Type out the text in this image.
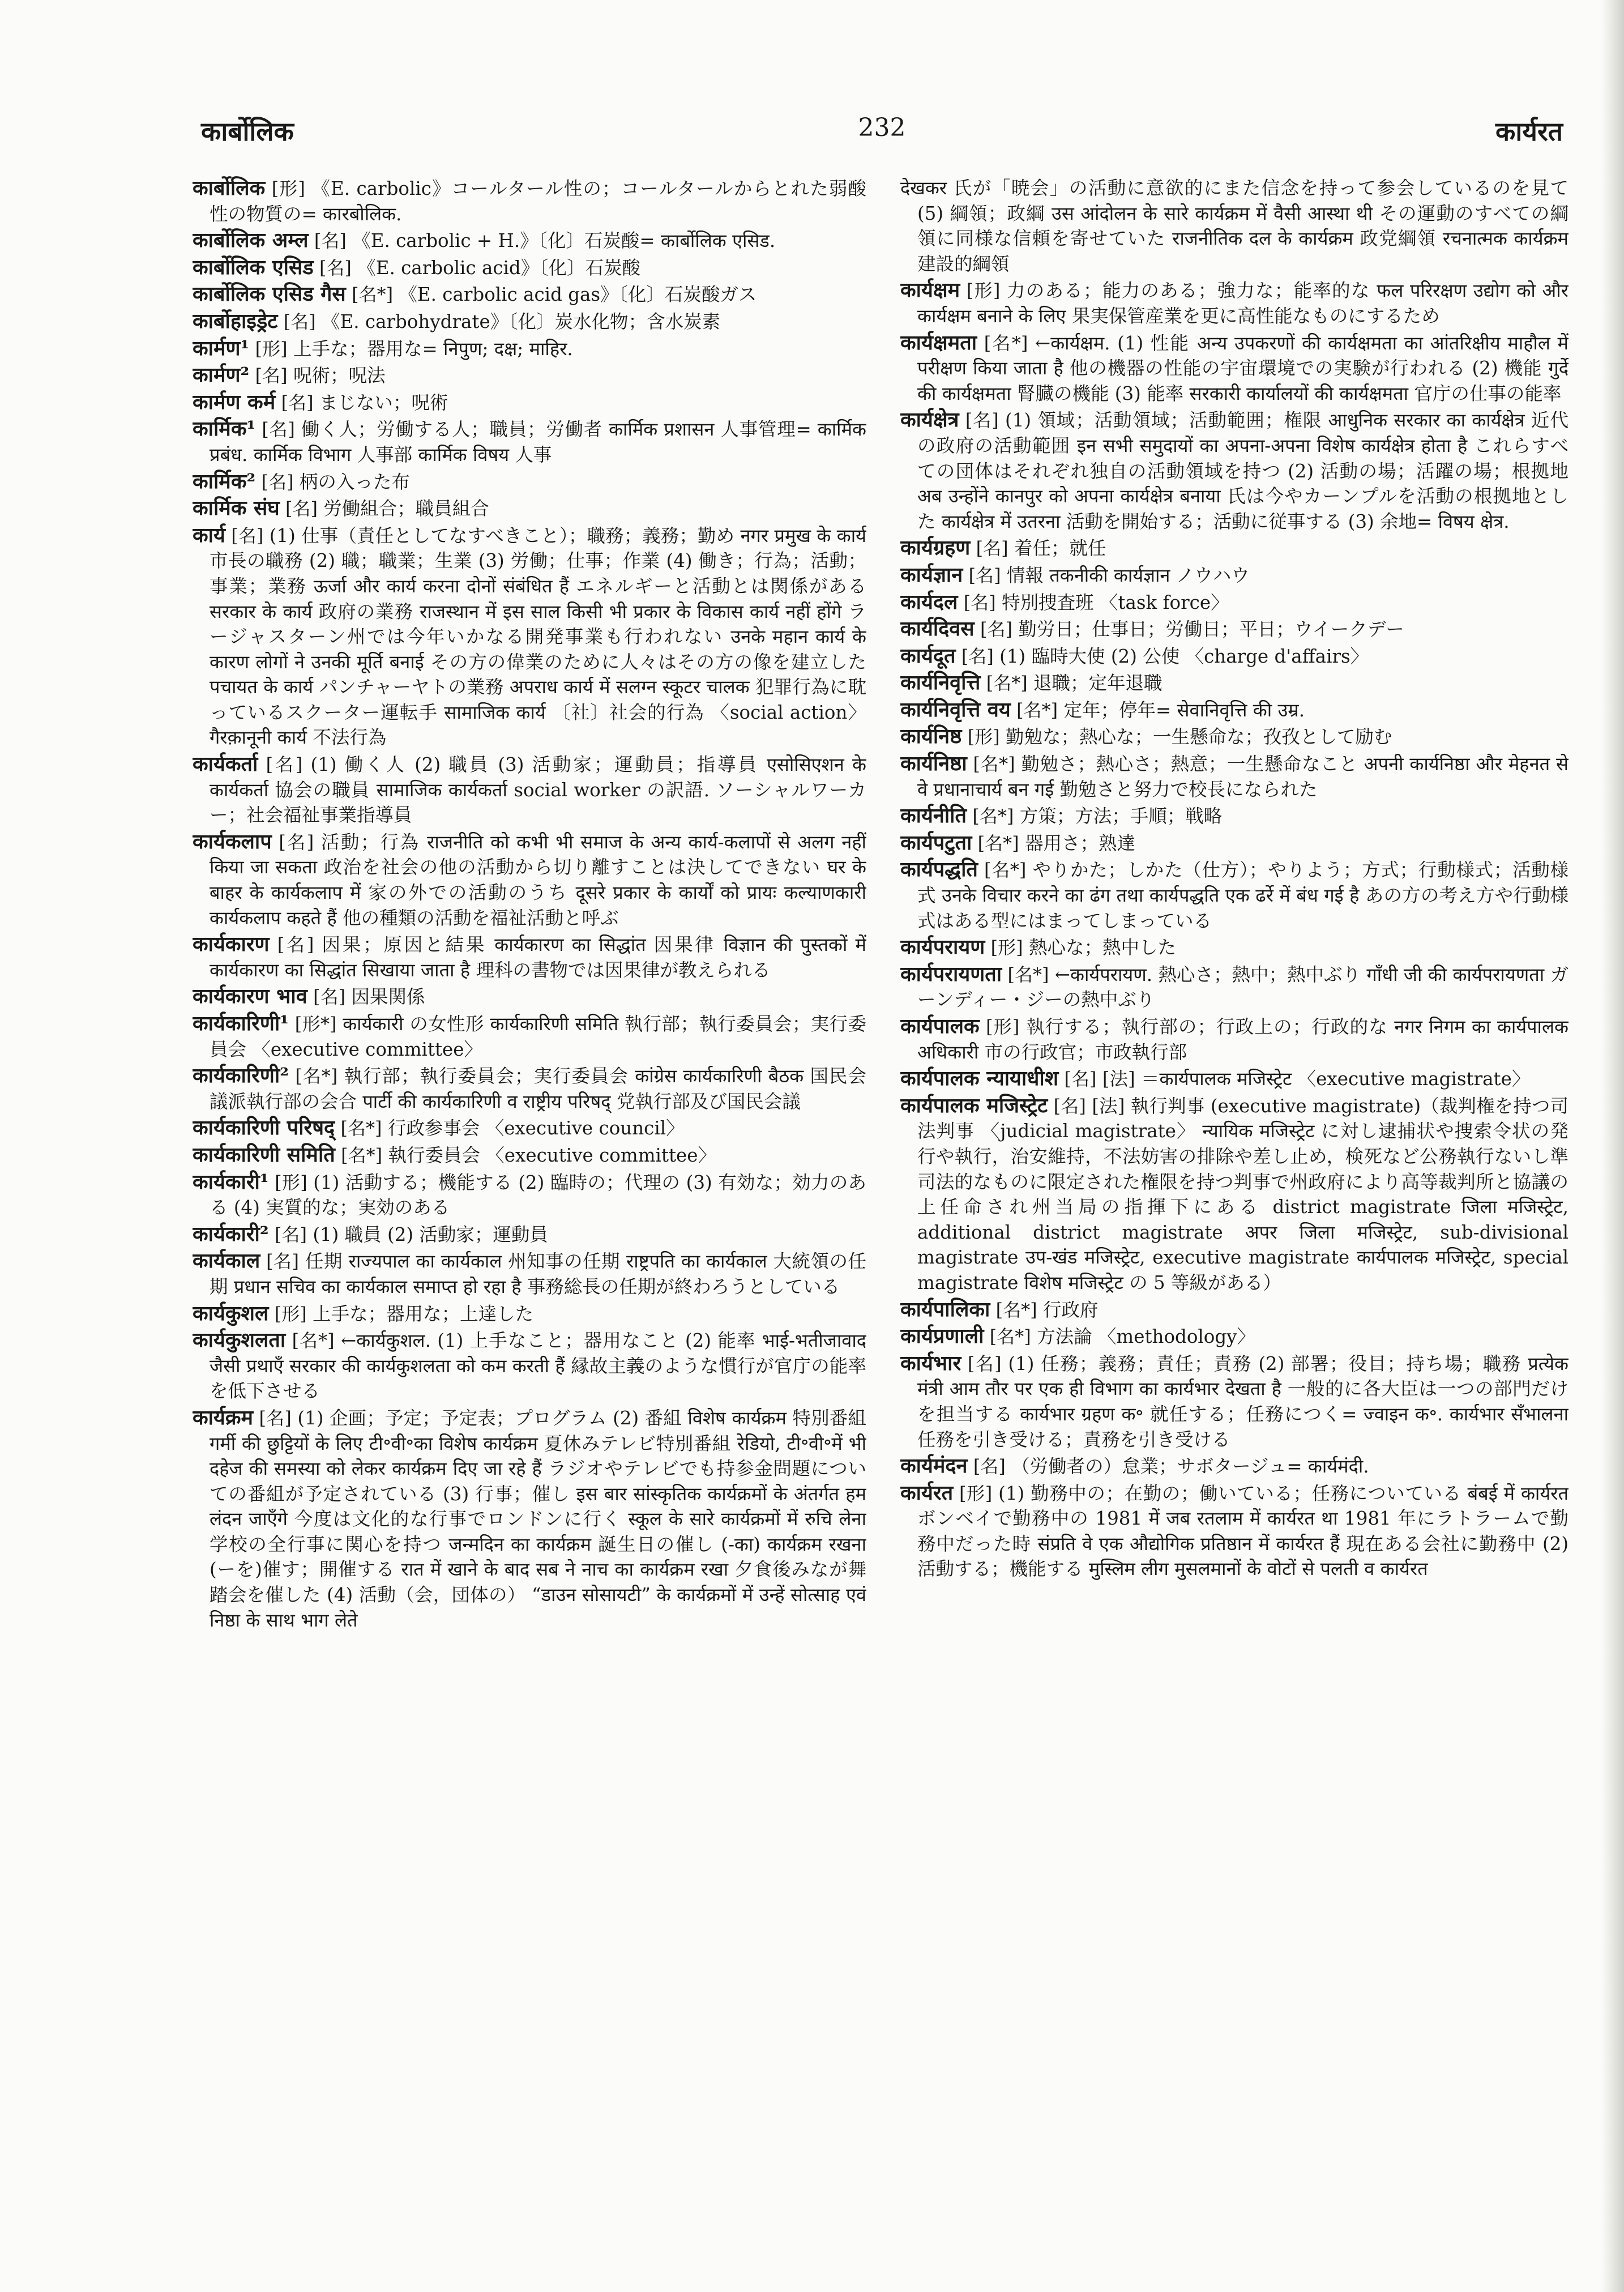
कार्बोलिक	232	कार्यरत

कार्बोलिक [形] 《E. carbolic》コールタール性の；コールタールからとれた弱酸性の物質の= कारबोलिक.

कार्बोलिक अम्ल [名] 《E. carbolic + H.》〔化〕石炭酸= कार्बोलिक एसिड.

कार्बोलिक एसिड [名] 《E. carbolic acid》〔化〕石炭酸

कार्बोलिक एसिड गैस [名*] 《E. carbolic acid gas》〔化〕石炭酸ガス

कार्बोहाइड्रेट [名] 《E. carbohydrate》〔化〕炭水化物；含水炭素

कार्मण¹ [形] 上手な；器用な= निपुण; दक्ष; माहिर.

कार्मण² [名] 呪術；呪法

कार्मण कर्म [名] まじない；呪術

कार्मिक¹ [名] 働く人；労働する人；職員；労働者 कार्मिक प्रशासन 人事管理= कार्मिक प्रबंध. कार्मिक विभाग 人事部 कार्मिक विषय 人事

कार्मिक² [名] 柄の入った布

कार्मिक संघ [名] 労働組合；職員組合

कार्य [名] (1) 仕事（責任としてなすべきこと）；職務；義務；勤め नगर प्रमुख के कार्य 市長の職務 (2) 職；職業；生業 (3) 労働；仕事；作業 (4) 働き；行為；活動；事業；業務 ऊर्जा और कार्य करना दोनों संबंधित हैं エネルギーと活動とは関係がある सरकार के कार्य 政府の業務 राजस्थान में इस साल किसी भी प्रकार के विकास कार्य नहीं होंगे ラージャスターン州では今年いかなる開発事業も行われない उनके महान कार्य के कारण लोगों ने उनकी मूर्ति बनाई その方の偉業のために人々はその方の像を建立した पचायत के कार्य パンチャーヤトの業務 अपराध कार्य में सलग्न स्कूटर चालक 犯罪行為に耽っているスクーター運転手 सामाजिक कार्य 〔社〕社会的行為 〈social action〉 गैरक़ानूनी कार्य 不法行為

कार्यकर्ता [名] (1) 働く人 (2) 職員 (3) 活動家；運動員；指導員 एसोसिएशन के कार्यकर्ता 協会の職員 सामाजिक कार्यकर्ता social worker の訳語. ソーシャルワーカー；社会福祉事業指導員

कार्यकलाप [名] 活動；行為 राजनीति को कभी भी समाज के अन्य कार्य-कलापों से अलग नहीं किया जा सकता 政治を社会の他の活動から切り離すことは決してできない घर के बाहर के कार्यकलाप में 家の外での活動のうち दूसरे प्रकार के कार्यों को प्रायः कल्याणकारी कार्यकलाप कहते हैं 他の種類の活動を福祉活動と呼ぶ

कार्यकारण [名] 因果；原因と結果 कार्यकारण का सिद्धांत 因果律 विज्ञान की पुस्तकों में कार्यकारण का सिद्धांत सिखाया जाता है 理科の書物では因果律が教えられる

कार्यकारण भाव [名] 因果関係

कार्यकारिणी¹ [形*] कार्यकारी の女性形 कार्यकारिणी समिति 執行部；執行委員会；実行委員会 〈executive committee〉

कार्यकारिणी² [名*] 執行部；執行委員会；実行委員会 कांग्रेस कार्यकारिणी बैठक 国民会議派執行部の会合 पार्टी की कार्यकारिणी व राष्ट्रीय परिषद् 党執行部及び国民会議

कार्यकारिणी परिषद् [名*] 行政参事会 〈executive council〉

कार्यकारिणी समिति [名*] 執行委員会 〈executive committee〉

कार्यकारी¹ [形] (1) 活動する；機能する (2) 臨時の；代理の (3) 有効な；効力のある (4) 実質的な；実効のある

कार्यकारी² [名] (1) 職員 (2) 活動家；運動員

कार्यकाल [名] 任期 राज्यपाल का कार्यकाल 州知事の任期 राष्ट्रपति का कार्यकाल 大統領の任期 प्रधान सचिव का कार्यकाल समाप्त हो रहा है 事務総長の任期が終わろうとしている

कार्यकुशल [形] 上手な；器用な；上達した

कार्यकुशलता [名*] ←कार्यकुशल. (1) 上手なこと；器用なこと (2) 能率 भाई-भतीजावाद जैसी प्रथाएँ सरकार की कार्यकुशलता को कम करती हैं 縁故主義のような慣行が官庁の能率を低下させる

कार्यक्रम [名] (1) 企画；予定；予定表；プログラム (2) 番組 विशेष कार्यक्रम 特別番組 गर्मी की छुट्टियों के लिए टी॰वी॰का विशेष कार्यक्रम 夏休みテレビ特別番組 रेडियो, टी॰वी॰में भी दहेज की समस्या को लेकर कार्यक्रम दिए जा रहे हैं ラジオやテレビでも持参金問題についての番組が予定されている (3) 行事；催し इस बार सांस्कृतिक कार्यक्रमों के अंतर्गत हम लंदन जाएँगे 今度は文化的な行事でロンドンに行く स्कूल के सारे कार्यक्रमों में रुचि लेना 学校の全行事に関心を持つ जन्मदिन का कार्यक्रम 誕生日の催し (-का) कार्यक्रम रखना (ーを)催す；開催する रात में खाने के बाद सब ने नाच का कार्यक्रम रखा 夕食後みなが舞踏会を催した (4) 活動（会，団体の） “डाउन सोसायटी” के कार्यक्रमों में उन्हें सोत्साह एवं निष्ठा के साथ भाग लेते

देखकर 氏が「暁会」の活動に意欲的にまた信念を持って参会しているのを見て (5) 綱領；政綱 उस आंदोलन के सारे कार्यक्रम में वैसी आस्था थी その運動のすべての綱領に同様な信頼を寄せていた राजनीतिक दल के कार्यक्रम 政党綱領 रचनात्मक कार्यक्रम 建設的綱領

कार्यक्षम [形] 力のある；能力のある；強力な；能率的な फल परिरक्षण उद्योग को और कार्यक्षम बनाने के लिए 果実保管産業を更に高性能なものにするため

कार्यक्षमता [名*] ←कार्यक्षम. (1) 性能 अन्य उपकरणों की कार्यक्षमता का आंतरिक्षीय माहौल में परीक्षण किया जाता है 他の機器の性能の宇宙環境での実験が行われる (2) 機能 गुर्दे की कार्यक्षमता 腎臓の機能 (3) 能率 सरकारी कार्यालयों की कार्यक्षमता 官庁の仕事の能率

कार्यक्षेत्र [名] (1) 領域；活動領域；活動範囲；権限 आधुनिक सरकार का कार्यक्षेत्र 近代の政府の活動範囲 इन सभी समुदायों का अपना-अपना विशेष कार्यक्षेत्र होता है これらすべての団体はそれぞれ独自の活動領域を持つ (2) 活動の場；活躍の場；根拠地 अब उन्होंने कानपुर को अपना कार्यक्षेत्र बनाया 氏は今やカーンプルを活動の根拠地とした कार्यक्षेत्र में उतरना 活動を開始する；活動に従事する (3) 余地= विषय क्षेत्र.

कार्यग्रहण [名] 着任；就任

कार्यज्ञान [名] 情報 तकनीकी कार्यज्ञान ノウハウ

कार्यदल [名] 特別捜査班 〈task force〉

कार्यदिवस [名] 勤労日；仕事日；労働日；平日；ウイークデー

कार्यदूत [名] (1) 臨時大使 (2) 公使 〈charge d'affairs〉

कार्यनिवृत्ति [名*] 退職；定年退職

कार्यनिवृत्ति वय [名*] 定年；停年= सेवानिवृत्ति की उम्र.

कार्यनिष्ठ [形] 勤勉な；熱心な；一生懸命な；孜孜として励む

कार्यनिष्ठा [名*] 勤勉さ；熱心さ；熱意；一生懸命なこと अपनी कार्यनिष्ठा और मेहनत से वे प्रधानाचार्य बन गई 勤勉さと努力で校長になられた

कार्यनीति [名*] 方策；方法；手順；戦略

कार्यपटुता [名*] 器用さ；熟達

कार्यपद्धति [名*] やりかた；しかた（仕方）；やりよう；方式；行動様式；活動様式 उनके विचार करने का ढंग तथा कार्यपद्धति एक ढर्रे में बंध गई है あの方の考え方や行動様式はある型にはまってしまっている

कार्यपरायण [形] 熱心な；熱中した

कार्यपरायणता [名*] ←कार्यपरायण. 熱心さ；熱中；熱中ぶり गाँधी जी की कार्यपरायणता ガーンディー・ジーの熱中ぶり

कार्यपालक [形] 執行する；執行部の；行政上の；行政的な नगर निगम का कार्यपालक अधिकारी 市の行政官；市政執行部

कार्यपालक न्यायाधीश [名] [法] ＝कार्यपालक मजिस्ट्रेट 〈executive magistrate〉

कार्यपालक मजिस्ट्रेट [名] [法] 執行判事 (executive magistrate)（裁判権を持つ司法判事 〈judicial magistrate〉 न्यायिक मजिस्ट्रेट に対し逮捕状や捜索令状の発行や執行，治安維持，不法妨害の排除や差し止め，検死など公務執行ないし準司法的なものに限定された権限を持つ判事で州政府により高等裁判所と協議の上任命され州当局の指揮下にある district magistrate जिला मजिस्ट्रेट, additional district magistrate अपर जिला मजिस्ट्रेट, sub-divisional magistrate उप-खंड मजिस्ट्रेट, executive magistrate कार्यपालक मजिस्ट्रेट, special magistrate विशेष मजिस्ट्रेट の 5 等級がある）

कार्यपालिका [名*] 行政府

कार्यप्रणाली [名*] 方法論 〈methodology〉

कार्यभार [名] (1) 任務；義務；責任；責務 (2) 部署；役目；持ち場；職務 प्रत्येक मंत्री आम तौर पर एक ही विभाग का कार्यभार देखता है 一般的に各大臣は一つの部門だけを担当する कार्यभार ग्रहण क॰ 就任する；任務につく= ज्वाइन क॰. कार्यभार सँभालना 任務を引き受ける；責務を引き受ける

कार्यमंदन [名] （労働者の）怠業；サボタージュ= कार्यमंदी.

कार्यरत [形] (1) 勤務中の；在勤の；働いている；任務についている बंबई में कार्यरत ボンベイで勤務中の 1981 में जब रतलाम में कार्यरत था 1981 年にラトラームで勤務中だった時 संप्रति वे एक औद्योगिक प्रतिष्ठान में कार्यरत हैं 現在ある会社に勤務中 (2) 活動する；機能する मुस्लिम लीग मुसलमानों के वोटों से पलती व कार्यरत
